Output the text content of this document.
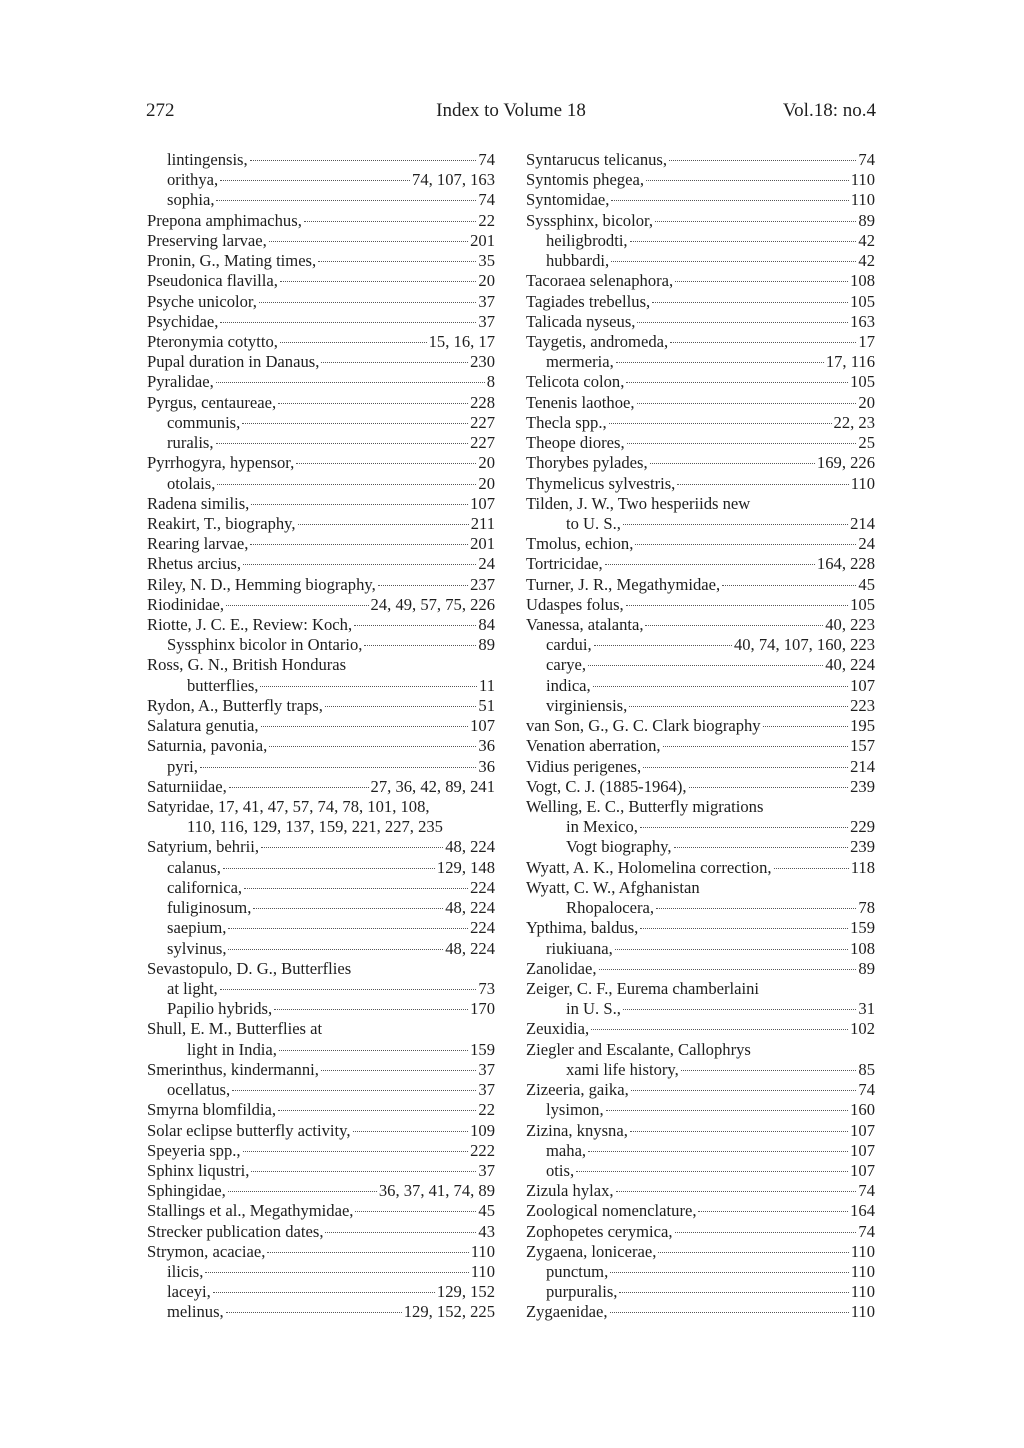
272	Index to Volume 18	Vol.18: no.4
lintingensis,	74
orithya,	74, 107, 163
sophia,	74
Prepona amphimachus,	22
Preserving larvae,	201
Pronin, G., Mating times,	35
Pseudonica flavilla,	20
Psyche unicolor,	37
Psychidae,	37
Pteronymia cotytto,	15, 16, 17
Pupal duration in Danaus,	230
Pyralidae,	8
Pyrgus, centaureae,	228
communis,	227
ruralis,	227
Pyrrhogyra, hypensor,	20
otolais,	20
Radena similis,	107
Reakirt, T., biography,	211
Rearing larvae,	201
Rhetus arcius,	24
Riley, N. D., Hemming biography,	237
Riodinidae,	24, 49, 57, 75, 226
Riotte, J. C. E., Review: Koch,	84
Syssphinx bicolor in Ontario,	89
Ross, G. N., British Honduras
butterflies,	11
Rydon, A., Butterfly traps,	51
Salatura genutia,	107
Saturnia, pavonia,	36
pyri,	36
Saturniidae,	27, 36, 42, 89, 241
Satyridae, 17, 41, 47, 57, 74, 78, 101, 108,
110, 116, 129, 137, 159, 221, 227, 235
Satyrium, behrii,	48, 224
calanus,	129, 148
californica,	224
fuliginosum,	48, 224
saepium,	224
sylvinus,	48, 224
Sevastopulo, D. G., Butterflies
at light,	73
Papilio hybrids,	170
Shull, E. M., Butterflies at
light in India,	159
Smerinthus, kindermanni,	37
ocellatus,	37
Smyrna blomfildia,	22
Solar eclipse butterfly activity,	109
Speyeria spp.,	222
Sphinx liqustri,	37
Sphingidae,	36, 37, 41, 74, 89
Stallings et al., Megathymidae,	45
Strecker publication dates,	43
Strymon, acaciae,	110
ilicis,	110
laceyi,	129, 152
melinus,	129, 152, 225
Syntarucus telicanus,	74
Syntomis phegea,	110
Syntomidae,	110
Syssphinx, bicolor,	89
heiligbrodti,	42
hubbardi,	42
Tacoraea selenaphora,	108
Tagiades trebellus,	105
Talicada nyseus,	163
Taygetis, andromeda,	17
mermeria,	17, 116
Telicota colon,	105
Tenenis laothoe,	20
Thecla spp.,	22, 23
Theope diores,	25
Thorybes pylades,	169, 226
Thymelicus sylvestris,	110
Tilden, J. W., Two hesperiids new
to U. S.,	214
Tmolus, echion,	24
Tortricidae,	164, 228
Turner, J. R., Megathymidae,	45
Udaspes folus,	105
Vanessa, atalanta,	40, 223
cardui,	40, 74, 107, 160, 223
carye,	40, 224
indica,	107
virginiensis,	223
van Son, G., G. C. Clark biography	195
Venation aberration,	157
Vidius perigenes,	214
Vogt, C. J. (1885-1964),	239
Welling, E. C., Butterfly migrations
in Mexico,	229
Vogt biography,	239
Wyatt, A. K., Holomelina correction,	118
Wyatt, C. W., Afghanistan
Rhopalocera,	78
Ypthima, baldus,	159
riukiuana,	108
Zanolidae,	89
Zeiger, C. F., Eurema chamberlaini
in U. S.,	31
Zeuxidia,	102
Ziegler and Escalante, Callophrys
xami life history,	85
Zizeeria, gaika,	74
lysimon,	160
Zizina, knysna,	107
maha,	107
otis,	107
Zizula hylax,	74
Zoological nomenclature,	164
Zophopetes cerymica,	74
Zygaena, lonicerae,	110
punctum,	110
purpuralis,	110
Zygaenidae,	110
